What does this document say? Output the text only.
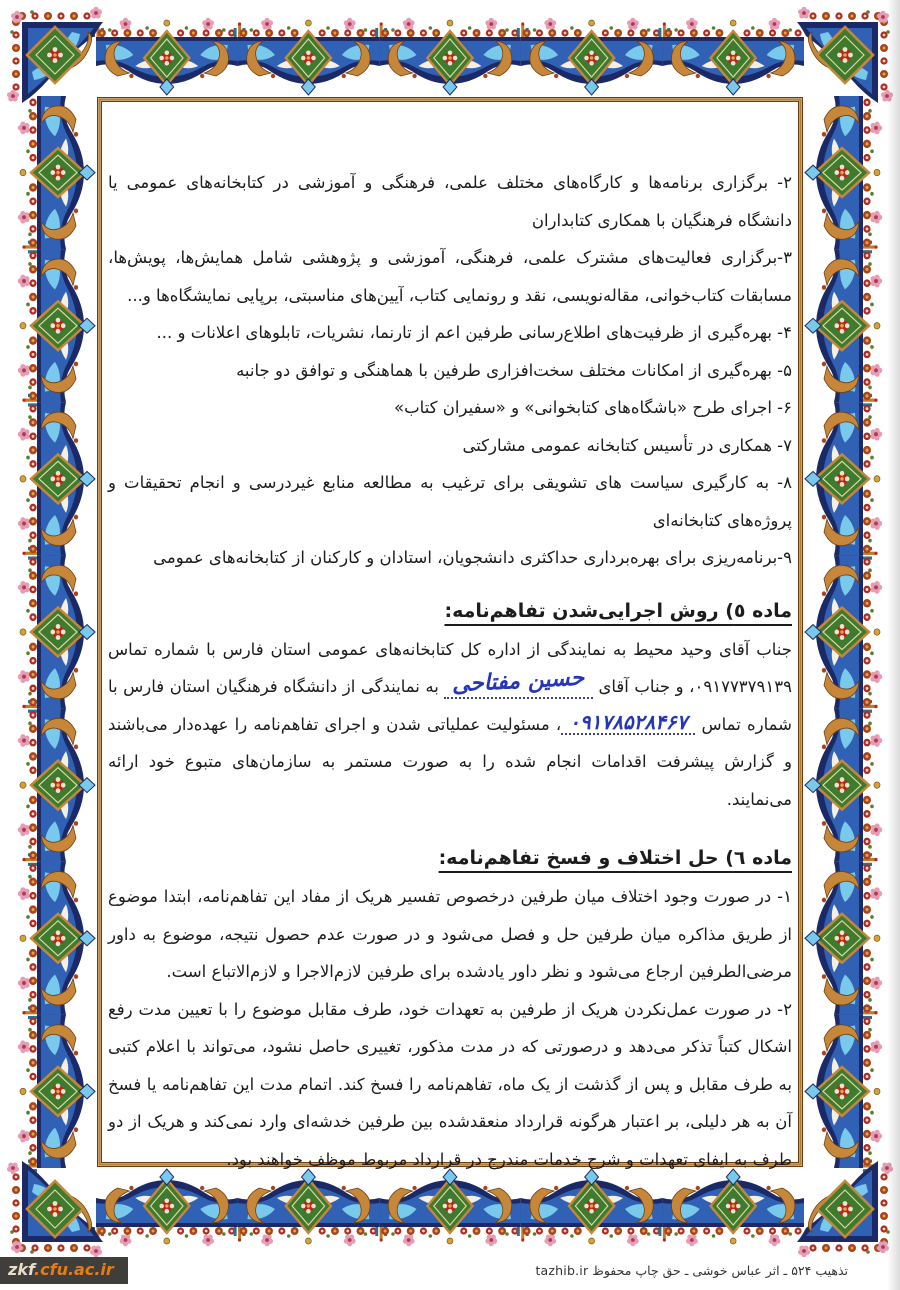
۲- برگزاری برنامه‌ها و کارگاه‌های مختلف علمی، فرهنگی و آموزشی در کتابخانه‌های عمومی یا دانشگاه فرهنگیان با همکاری کتابداران

۳-برگزاری فعالیت‌های مشترک علمی، فرهنگی، آموزشی و پژوهشی شامل همایش‌ها، پویش‌ها، مسابقات کتاب‌خوانی، مقاله‌نویسی، نقد و رونمایی کتاب، آیین‌های مناسبتی، برپایی نمایشگاه‌ها و...

۴- بهره‌گیری از ظرفیت‌های اطلاع‌رسانی طرفین اعم از تارنما، نشریات، تابلوهای اعلانات و ...

۵- بهره‌گیری از امکانات مختلف سخت‌افزاری طرفین با هماهنگی و توافق دو جانبه

۶- اجرای طرح «باشگاه‌های کتابخوانی» و «سفیران کتاب»

۷- همکاری در تأسیس کتابخانه عمومی مشارکتی

۸- به کارگیری سیاست های تشویقی برای ترغیب به مطالعه منابع غیردرسی و انجام تحقیقات و پروژه‌های کتابخانه‌ای

۹-برنامه‌ریزی برای بهره‌برداری حداکثری دانشجویان، استادان و کارکنان از کتابخانه‌های عمومی

ماده ٥) روش اجرایی‌شدن تفاهم‌نامه:

جناب آقای وحید محیط به نمایندگی از اداره کل کتابخانه‌های عمومی استان فارس با شماره تماس ۰۹۱۷۷۳۷۹۱۳۹، و جناب آقای حسین مفتاحی به نمایندگی از دانشگاه فرهنگیان استان فارس با شماره تماس ۰۹۱۷۸۵۲۸۴۶۷، مسئولیت عملیاتی شدن و اجرای تفاهم‌نامه را عهده‌دار می‌باشند و گزارش پیشرفت اقدامات انجام شده را به صورت مستمر به سازمان‌های متبوع خود ارائه می‌نمایند.

ماده ٦) حل اختلاف و فسخ تفاهم‌نامه:

۱- در صورت وجود اختلاف میان طرفین درخصوص تفسیر هریک از مفاد این تفاهم‌نامه، ابتدا موضوع از طریق مذاکره میان طرفین حل و فصل می‌شود و در صورت عدم حصول نتیجه، موضوع به داور مرضی‌الطرفین ارجاع می‌شود و نظر داور یادشده برای طرفین لازم‌الاجرا و لازم‌الاتباع است.

۲- در صورت عمل‌نکردن هریک از طرفین به تعهدات خود، طرف مقابل موضوع را با تعیین مدت رفع اشکال کتباً تذکر می‌دهد و درصورتی که در مدت مذکور، تغییری حاصل نشود، می‌تواند با اعلام کتبی به طرف مقابل و پس از گذشت از یک ماه، تفاهم‌نامه را فسخ کند. اتمام مدت این تفاهم‌نامه یا فسخ آن به هر دلیلی، بر اعتبار هرگونه قرارداد منعقدشده بین طرفین خدشه‌ای وارد نمی‌کند و هریک از دو طرف به ایفای تعهدات و شرح خدمات مندرج در قرارداد مربوط موظف خواهند بود.

تذهیب ۵۲۴ ـ اثر عباس خوشی ـ حق چاپ محفوظ tazhib.ir
zkf.cfu.ac.ir
